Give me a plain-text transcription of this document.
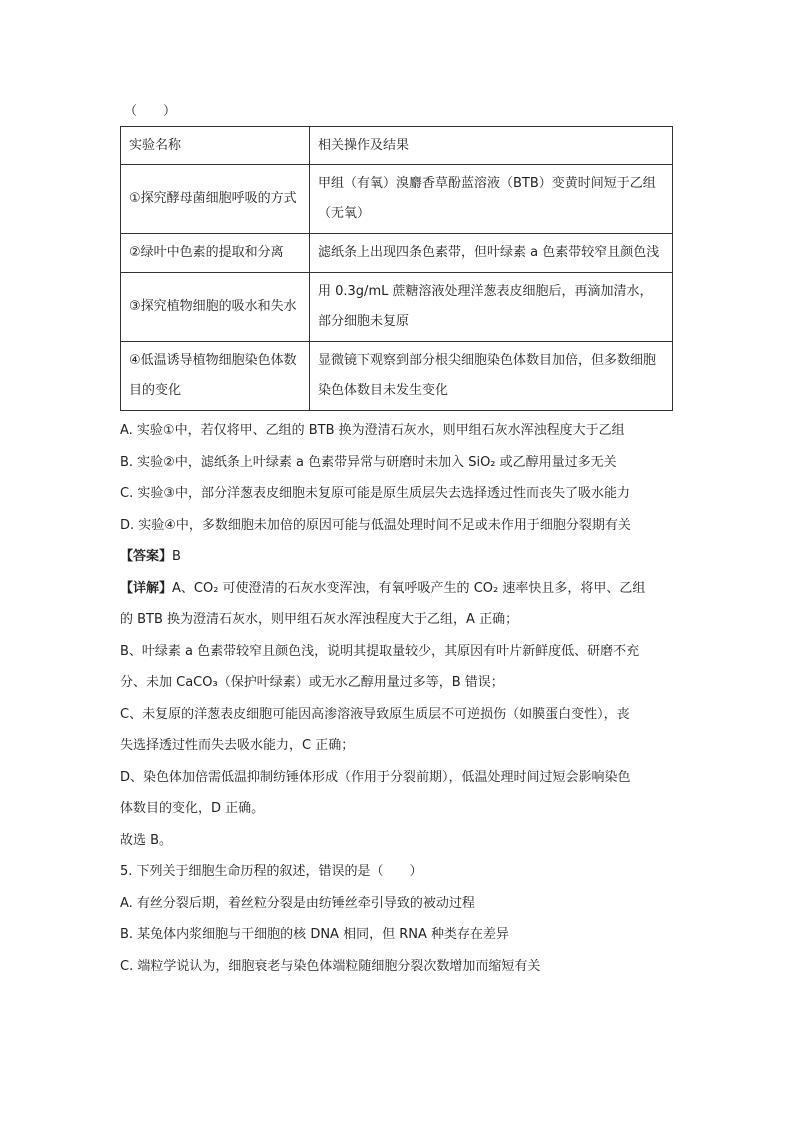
（　　）
实验名称	相关操作及结果
①探究酵母菌细胞呼吸的方式	甲组（有氧）溴麝香草酚蓝溶液（BTB）变黄时间短于乙组（无氧）
②绿叶中色素的提取和分离	滤纸条上出现四条色素带，但叶绿素 a 色素带较窄且颜色浅
③探究植物细胞的吸水和失水	用 0.3g/mL 蔗糖溶液处理洋葱表皮细胞后，再滴加清水，部分细胞未复原
④低温诱导植物细胞染色体数目的变化	显微镜下观察到部分根尖细胞染色体数目加倍，但多数细胞染色体数目未发生变化
A. 实验①中，若仅将甲、乙组的 BTB 换为澄清石灰水，则甲组石灰水浑浊程度大于乙组
B. 实验②中，滤纸条上叶绿素 a 色素带异常与研磨时未加入 SiO₂ 或乙醇用量过多无关
C. 实验③中，部分洋葱表皮细胞未复原可能是原生质层失去选择透过性而丧失了吸水能力
D. 实验④中，多数细胞未加倍的原因可能与低温处理时间不足或未作用于细胞分裂期有关
【答案】B
【详解】A、CO₂ 可使澄清的石灰水变浑浊，有氧呼吸产生的 CO₂ 速率快且多，将甲、乙组
的 BTB 换为澄清石灰水，则甲组石灰水浑浊程度大于乙组，A 正确；
B、叶绿素 a 色素带较窄且颜色浅，说明其提取量较少，其原因有叶片新鲜度低、研磨不充
分、未加 CaCO₃（保护叶绿素）或无水乙醇用量过多等，B 错误；
C、未复原的洋葱表皮细胞可能因高渗溶液导致原生质层不可逆损伤（如膜蛋白变性），丧
失选择透过性而失去吸水能力，C 正确；
D、染色体加倍需低温抑制纺锤体形成（作用于分裂前期），低温处理时间过短会影响染色
体数目的变化，D 正确。
故选 B。
5. 下列关于细胞生命历程的叙述，错误的是（　　）
A. 有丝分裂后期，着丝粒分裂是由纺锤丝牵引导致的被动过程
B. 某兔体内浆细胞与干细胞的核 DNA 相同，但 RNA 种类存在差异
C. 端粒学说认为，细胞衰老与染色体端粒随细胞分裂次数增加而缩短有关
